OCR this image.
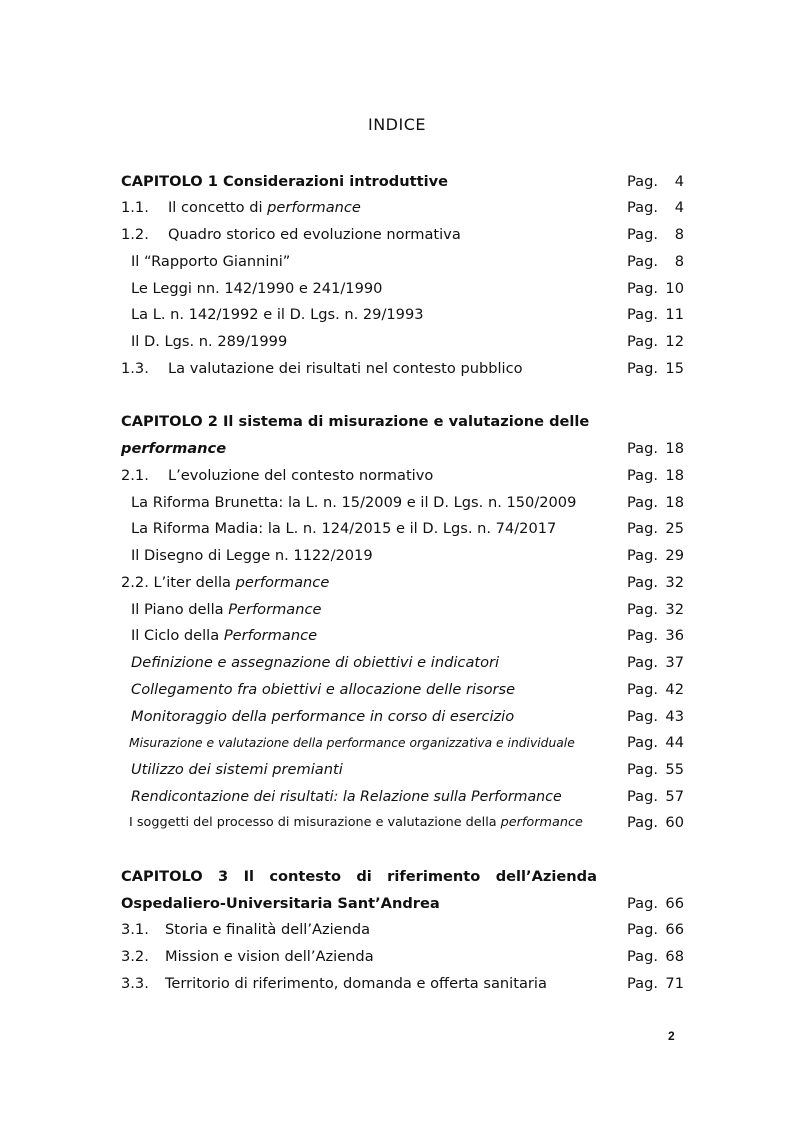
INDICE
CAPITOLO 1 Considerazioni introduttive	Pag. 4
1.1. Il concetto di performance	Pag. 4
1.2. Quadro storico ed evoluzione normativa	Pag. 8
Il “Rapporto Giannini”	Pag. 8
Le Leggi nn. 142/1990 e 241/1990	Pag. 10
La L. n. 142/1992 e il D. Lgs. n. 29/1993	Pag. 11
Il D. Lgs. n. 289/1999	Pag. 12
1.3. La valutazione dei risultati nel contesto pubblico	Pag. 15
CAPITOLO 2 Il sistema di misurazione e valutazione delle
performance	Pag. 18
2.1. L’evoluzione del contesto normativo	Pag. 18
La Riforma Brunetta: la L. n. 15/2009 e il D. Lgs. n. 150/2009	Pag. 18
La Riforma Madia: la L. n. 124/2015 e il D. Lgs. n. 74/2017	Pag. 25
Il Disegno di Legge n. 1122/2019	Pag. 29
2.2. L’iter della performance	Pag. 32
Il Piano della Performance	Pag. 32
Il Ciclo della Performance	Pag. 36
Definizione e assegnazione di obiettivi e indicatori	Pag. 37
Collegamento fra obiettivi e allocazione delle risorse	Pag. 42
Monitoraggio della performance in corso di esercizio	Pag. 43
Misurazione e valutazione della performance organizzativa e individuale	Pag. 44
Utilizzo dei sistemi premianti	Pag. 55
Rendicontazione dei risultati: la Relazione sulla Performance	Pag. 57
I soggetti del processo di misurazione e valutazione della performance	Pag. 60
CAPITOLO 3 Il contesto di riferimento dell’Azienda
Ospedaliero-Universitaria Sant’Andrea	Pag. 66
3.1. Storia e finalità dell’Azienda	Pag. 66
3.2. Mission e vision dell’Azienda	Pag. 68
3.3. Territorio di riferimento, domanda e offerta sanitaria	Pag. 71
2
